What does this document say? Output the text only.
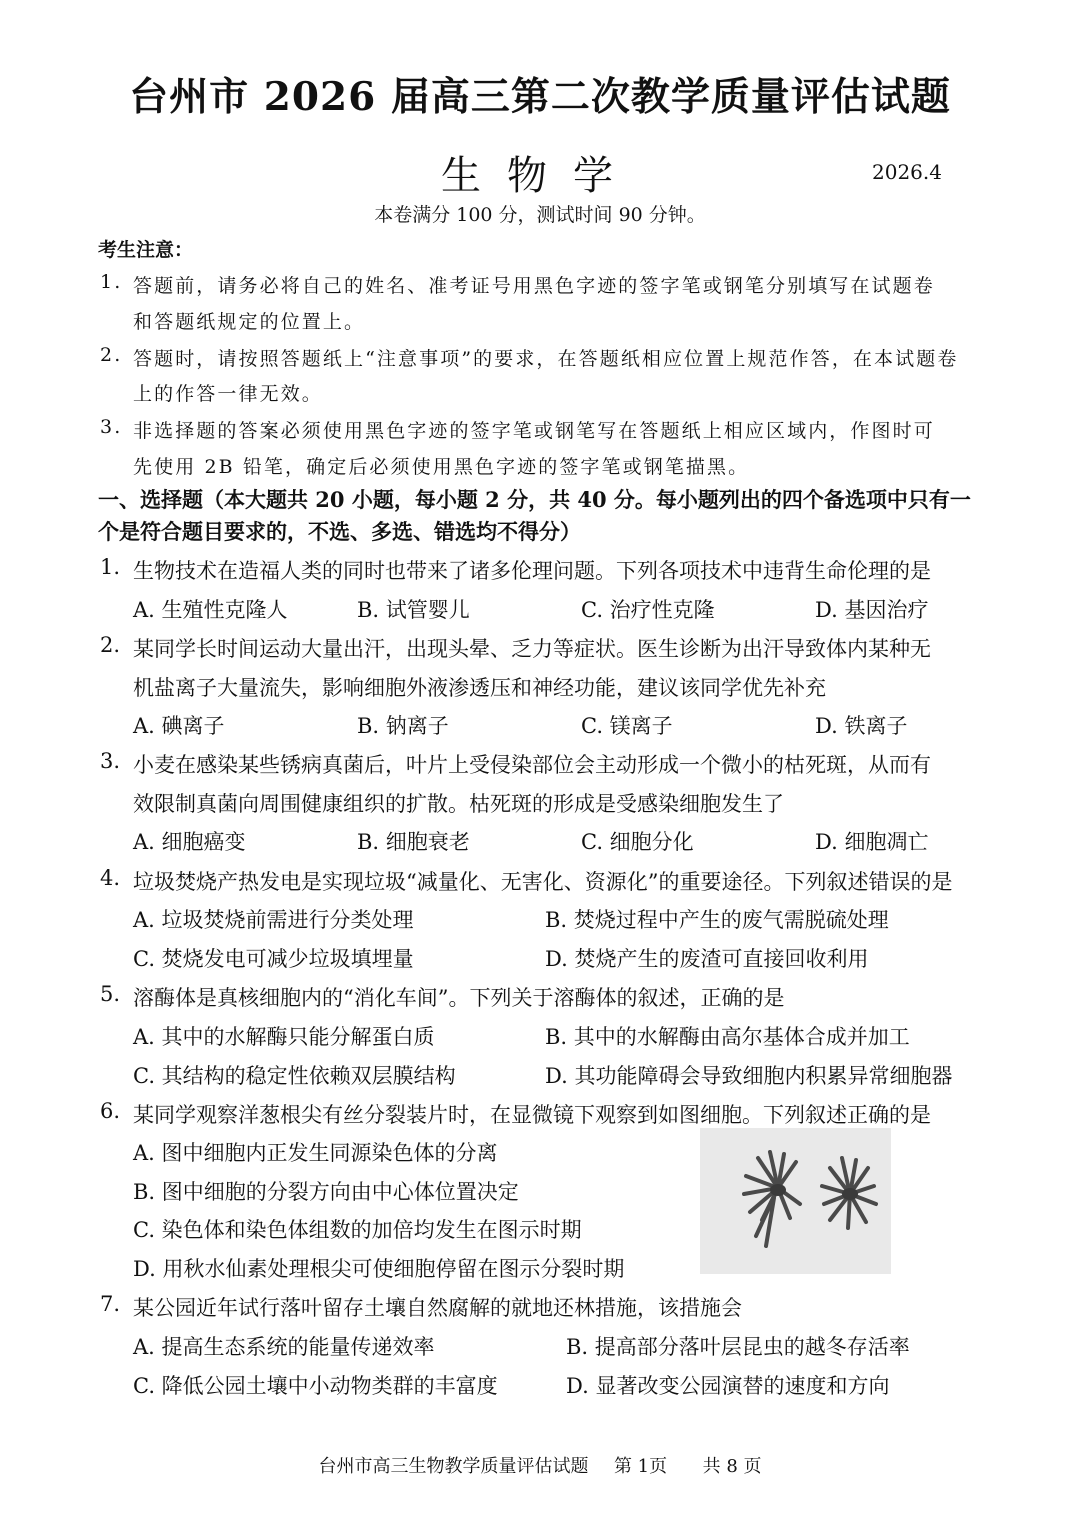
台州市 2026 届高三第二次教学质量评估试题
生物学	2026.4
本卷满分 100 分，测试时间 90 分钟。
考生注意：
1. 答题前，请务必将自己的姓名、准考证号用黑色字迹的签字笔或钢笔分别填写在试题卷
和答题纸规定的位置上。
2. 答题时，请按照答题纸上“注意事项”的要求，在答题纸相应位置上规范作答，在本试题卷
上的作答一律无效。
3. 非选择题的答案必须使用黑色字迹的签字笔或钢笔写在答题纸上相应区域内，作图时可
先使用 2B 铅笔，确定后必须使用黑色字迹的签字笔或钢笔描黑。
一、选择题（本大题共 20 小题，每小题 2 分，共 40 分。每小题列出的四个备选项中只有一
个是符合题目要求的，不选、多选、错选均不得分）
1. 生物技术在造福人类的同时也带来了诸多伦理问题。下列各项技术中违背生命伦理的是
A. 生殖性克隆人	B. 试管婴儿	C. 治疗性克隆	D. 基因治疗
2. 某同学长时间运动大量出汗，出现头晕、乏力等症状。医生诊断为出汗导致体内某种无
机盐离子大量流失，影响细胞外液渗透压和神经功能，建议该同学优先补充
A. 碘离子	B. 钠离子	C. 镁离子	D. 铁离子
3. 小麦在感染某些锈病真菌后，叶片上受侵染部位会主动形成一个微小的枯死斑，从而有
效限制真菌向周围健康组织的扩散。枯死斑的形成是受感染细胞发生了
A. 细胞癌变	B. 细胞衰老	C. 细胞分化	D. 细胞凋亡
4. 垃圾焚烧产热发电是实现垃圾“减量化、无害化、资源化”的重要途径。下列叙述错误的是
A. 垃圾焚烧前需进行分类处理	B. 焚烧过程中产生的废气需脱硫处理
C. 焚烧发电可减少垃圾填埋量	D. 焚烧产生的废渣可直接回收利用
5. 溶酶体是真核细胞内的“消化车间”。下列关于溶酶体的叙述，正确的是
A. 其中的水解酶只能分解蛋白质	B. 其中的水解酶由高尔基体合成并加工
C. 其结构的稳定性依赖双层膜结构	D. 其功能障碍会导致细胞内积累异常细胞器
6. 某同学观察洋葱根尖有丝分裂装片时，在显微镜下观察到如图细胞。下列叙述正确的是
A. 图中细胞内正发生同源染色体的分离
B. 图中细胞的分裂方向由中心体位置决定
C. 染色体和染色体组数的加倍均发生在图示时期
D. 用秋水仙素处理根尖可使细胞停留在图示分裂时期
7. 某公园近年试行落叶留存土壤自然腐解的就地还林措施，该措施会
A. 提高生态系统的能量传递效率	B. 提高部分落叶层昆虫的越冬存活率
C. 降低公园土壤中小动物类群的丰富度	D. 显著改变公园演替的速度和方向
台州市高三生物教学质量评估试题 第 1页 共 8 页
